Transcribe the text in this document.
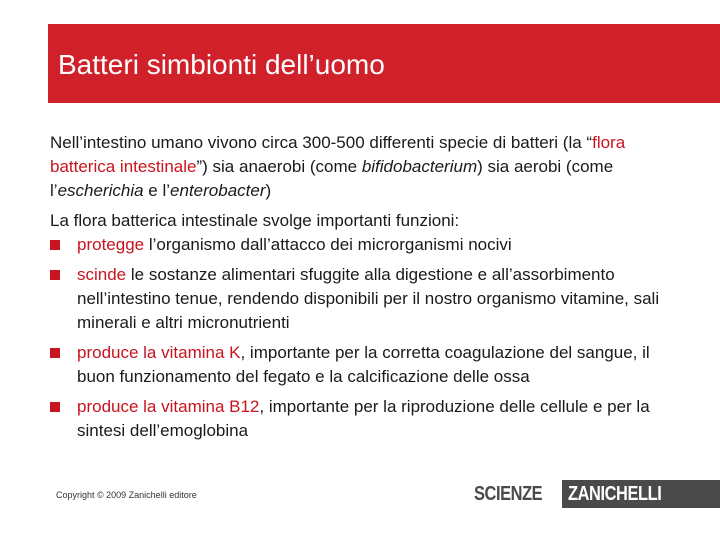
Batteri simbionti dell’uomo

Nell’intestino umano vivono circa 300-500 differenti specie di batteri (la “flora batterica intestinale”) sia anaerobi (come bifidobacterium) sia aerobi (come l’escherichia e l’enterobacter)

La flora batterica intestinale svolge importanti funzioni:

protegge l’organismo dall’attacco dei microrganismi nocivi
scinde le sostanze alimentari sfuggite alla digestione e all’assorbimento nell’intestino tenue, rendendo disponibili per il nostro organismo vitamine, sali minerali e altri micronutrienti
produce la vitamina K, importante per la corretta coagulazione del sangue, il buon funzionamento del fegato e la calcificazione delle ossa
produce la vitamina B12, importante per la riproduzione delle cellule e per la sintesi dell’emoglobina
Copyright © 2009 Zanichelli editore	SCIENZE ZANICHELLI
